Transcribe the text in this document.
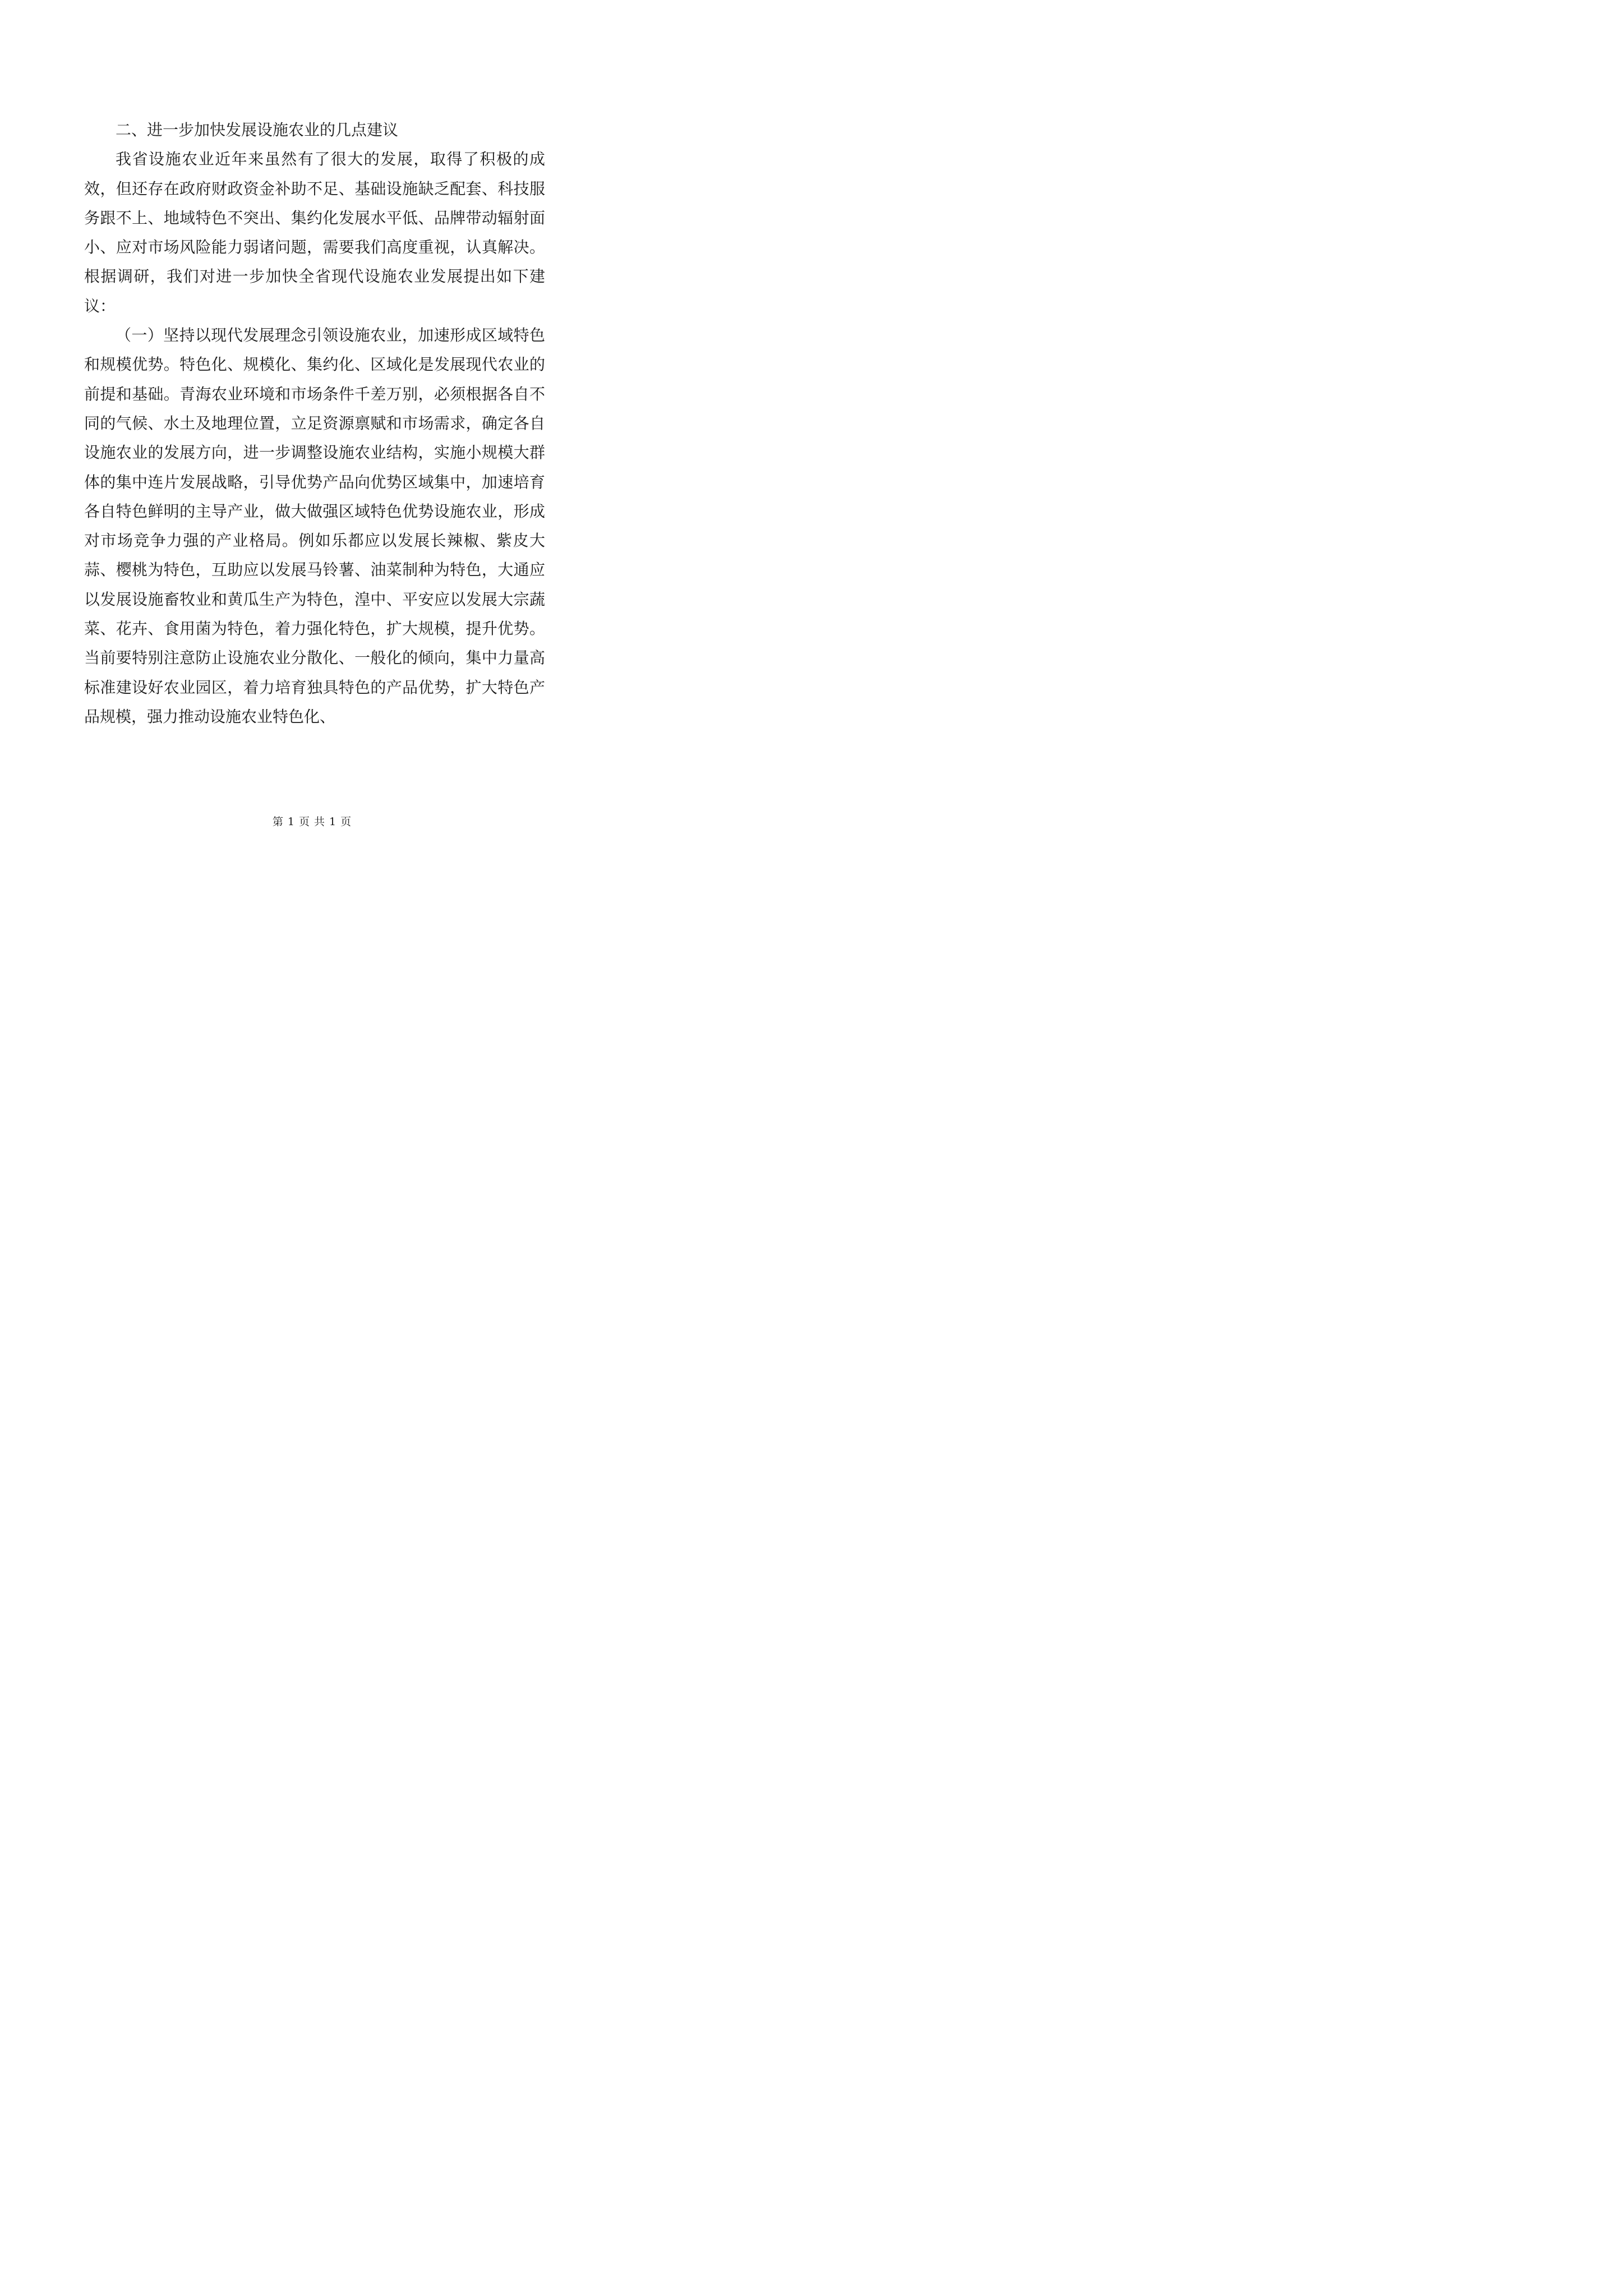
二、进一步加快发展设施农业的几点建议

我省设施农业近年来虽然有了很大的发展，取得了积极的成效，但还存在政府财政资金补助不足、基础设施缺乏配套、科技服务跟不上、地域特色不突出、集约化发展水平低、品牌带动辐射面小、应对市场风险能力弱诸问题，需要我们高度重视，认真解决。根据调研，我们对进一步加快全省现代设施农业发展提出如下建议：

（一）坚持以现代发展理念引领设施农业，加速形成区域特色和规模优势。特色化、规模化、集约化、区域化是发展现代农业的前提和基础。青海农业环境和市场条件千差万别，必须根据各自不同的气候、水土及地理位置，立足资源禀赋和市场需求，确定各自设施农业的发展方向，进一步调整设施农业结构，实施小规模大群体的集中连片发展战略，引导优势产品向优势区域集中，加速培育各自特色鲜明的主导产业，做大做强区域特色优势设施农业，形成对市场竞争力强的产业格局。例如乐都应以发展长辣椒、紫皮大蒜、樱桃为特色，互助应以发展马铃薯、油菜制种为特色，大通应以发展设施畜牧业和黄瓜生产为特色，湟中、平安应以发展大宗蔬菜、花卉、食用菌为特色，着力强化特色，扩大规模，提升优势。当前要特别注意防止设施农业分散化、一般化的倾向，集中力量高标准建设好农业园区，着力培育独具特色的产品优势，扩大特色产品规模，强力推动设施农业特色化、

第 1 页 共 1 页
